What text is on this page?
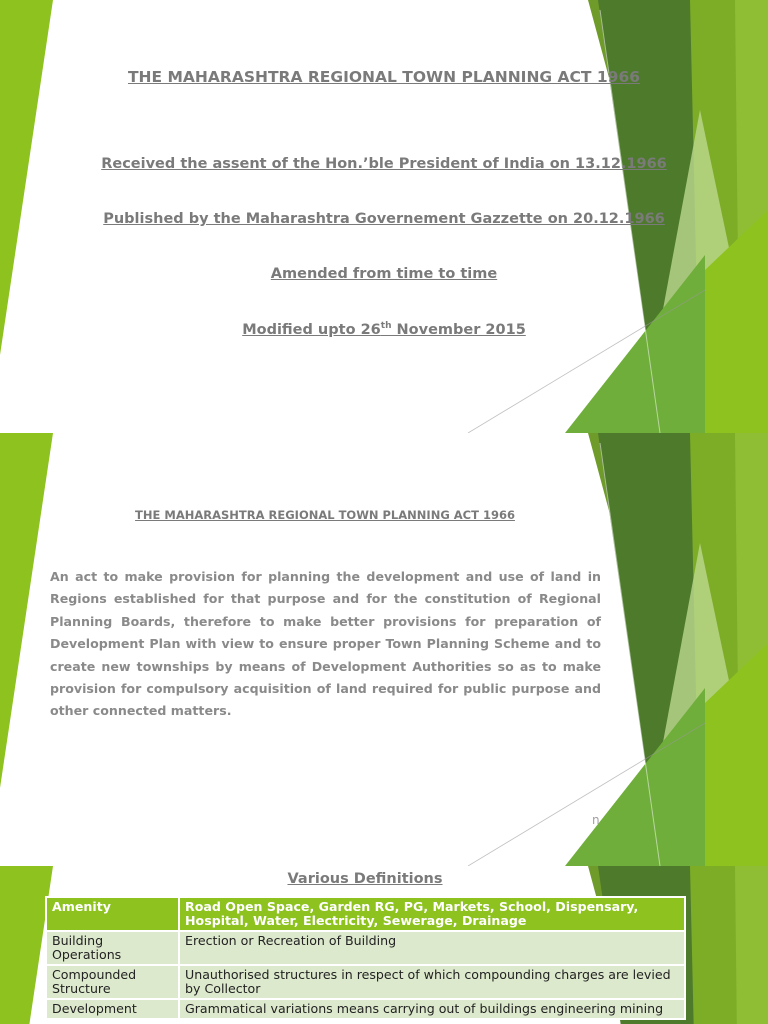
THE MAHARASHTRA REGIONAL TOWN PLANNING ACT 1966
Received the assent of the Hon.’ble President of India on 13.12.1966
Published by the Maharashtra Governement Gazzette on 20.12.1966
Amended from time to time
Modified upto 26th November 2015
THE MAHARASHTRA REGIONAL TOWN PLANNING ACT 1966
An act to make provision for planning the development and use of land in Regions established for that purpose and for the constitution of Regional Planning Boards, therefore to make better provisions for preparation of Development Plan with view to ensure proper Town Planning Scheme and to create new townships by means of Development Authorities so as to make provision for compulsory acquisition of land required for public purpose and other connected matters.
n
Various Definitions
Amenity	Road Open Space, Garden RG, PG, Markets, School, Dispensary, Hospital, Water, Electricity, Sewerage, Drainage
Building Operations	Erection or Recreation of Building
Compounded Structure	Unauthorised structures in respect of which compounding charges are levied by Collector
Development	Grammatical variations means carrying out of buildings engineering mining
